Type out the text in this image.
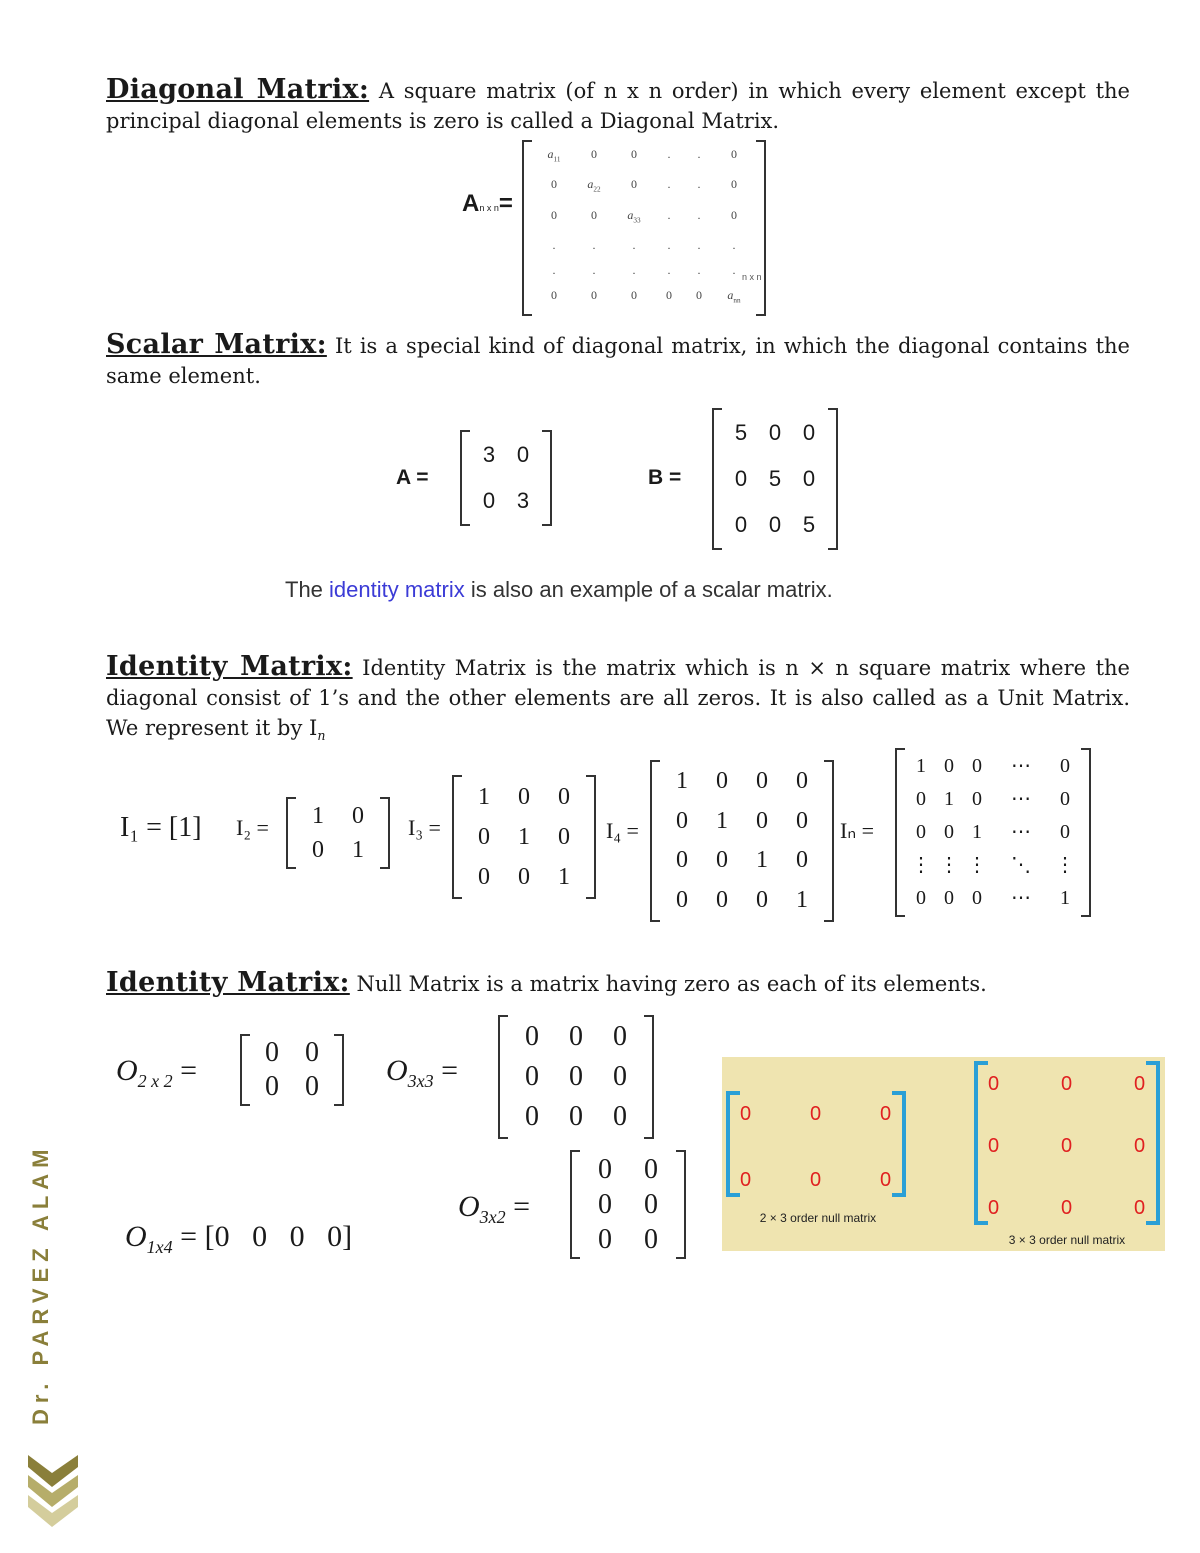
Diagonal Matrix: A square matrix (of n x n order) in which every element except the principal diagonal elements is zero is called a Diagonal Matrix.
An x n=
$a_{11}$	0	0	.	.	0
0	$a_{22}$	0	.	.	0
0	0	$a_{33}$	.	.	0
.	.	.	.	.	.
.	.	.	.	.	.
0	0	0	0	0	$a_{nn}$
n x n
Scalar Matrix: It is a special kind of diagonal matrix, in which the diagonal contains the same element.
A =
3 0
0 3
B =
5 0 0
0 5 0
0 0 5
The identity matrix is also an example of a scalar matrix.
Identity Matrix: Identity Matrix is the matrix which is n × n square matrix where the diagonal consist of 1’s and the other elements are all zeros. It is also called as a Unit Matrix. We represent it by $I_n$
I₁ = [1] I₂ =	1	0
0	1
I₃ =
1	0	0
0	1	0
0	0	1
I₄ =
1	0	0	0
0	1	0	0
0	0	1	0
0	0	0	1
Iₙ =
1 0 0	⋯	0
0 1 0	⋯	0
0 0 1	⋯	0
⋮ ⋮ ⋮	⋱	⋮
0 0 0	⋯	1
Identity Matrix: Null Matrix is a matrix having zero as each of its elements.
$O_{2 x 2}$ =
0 0
0 0	$O_{3x3}$ =
0	0	0
0	0	0
0	0	0

$O_{1x4} = [0$   0   0   0]

$O_{3x2}$ =
0	0
0	0
0	0
0	0	0
0	0	0
2 × 3 order null matrix
0	0	0
0	0	0
0	0	0
3 × 3 order null matrix
Dr. PARVEZ ALAM
